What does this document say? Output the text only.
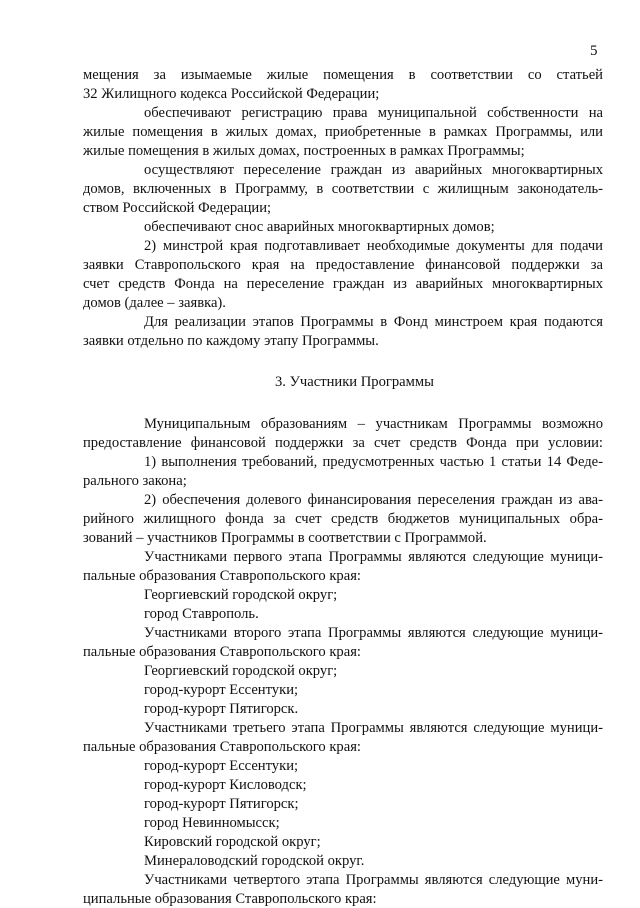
5
мещения за изымаемые жилые помещения в соответствии со статьей
32 Жилищного кодекса Российской Федерации;
обеспечивают регистрацию права муниципальной собственности на
жилые помещения в жилых домах, приобретенные в рамках Программы, или
жилые помещения в жилых домах, построенных в рамках Программы;
осуществляют переселение граждан из аварийных многоквартирных
домов, включенных в Программу, в соответствии с жилищным законодатель-
ством Российской Федерации;
обеспечивают снос аварийных многоквартирных домов;
2) минстрой края подготавливает необходимые документы для подачи
заявки Ставропольского края на предоставление финансовой поддержки за
счет средств Фонда на переселение граждан из аварийных многоквартирных
домов (далее – заявка).
Для реализации этапов Программы в Фонд минстроем края подаются
заявки отдельно по каждому этапу Программы.
3. Участники Программы
Муниципальным образованиям – участникам Программы возможно
предоставление финансовой поддержки за счет средств Фонда при условии:
1) выполнения требований, предусмотренных частью 1 статьи 14 Феде-
рального закона;
2) обеспечения долевого финансирования переселения граждан из ава-
рийного жилищного фонда за счет средств бюджетов муниципальных обра-
зований – участников Программы в соответствии с Программой.
Участниками первого этапа Программы являются следующие муници-
пальные образования Ставропольского края:
Георгиевский городской округ;
город Ставрополь.
Участниками второго этапа Программы являются следующие муници-
пальные образования Ставропольского края:
Георгиевский городской округ;
город-курорт Ессентуки;
город-курорт Пятигорск.
Участниками третьего этапа Программы являются следующие муници-
пальные образования Ставропольского края:
город-курорт Ессентуки;
город-курорт Кисловодск;
город-курорт Пятигорск;
город Невинномысск;
Кировский городской округ;
Минераловодский городской округ.
Участниками четвертого этапа Программы являются следующие муни-
ципальные образования Ставропольского края:
